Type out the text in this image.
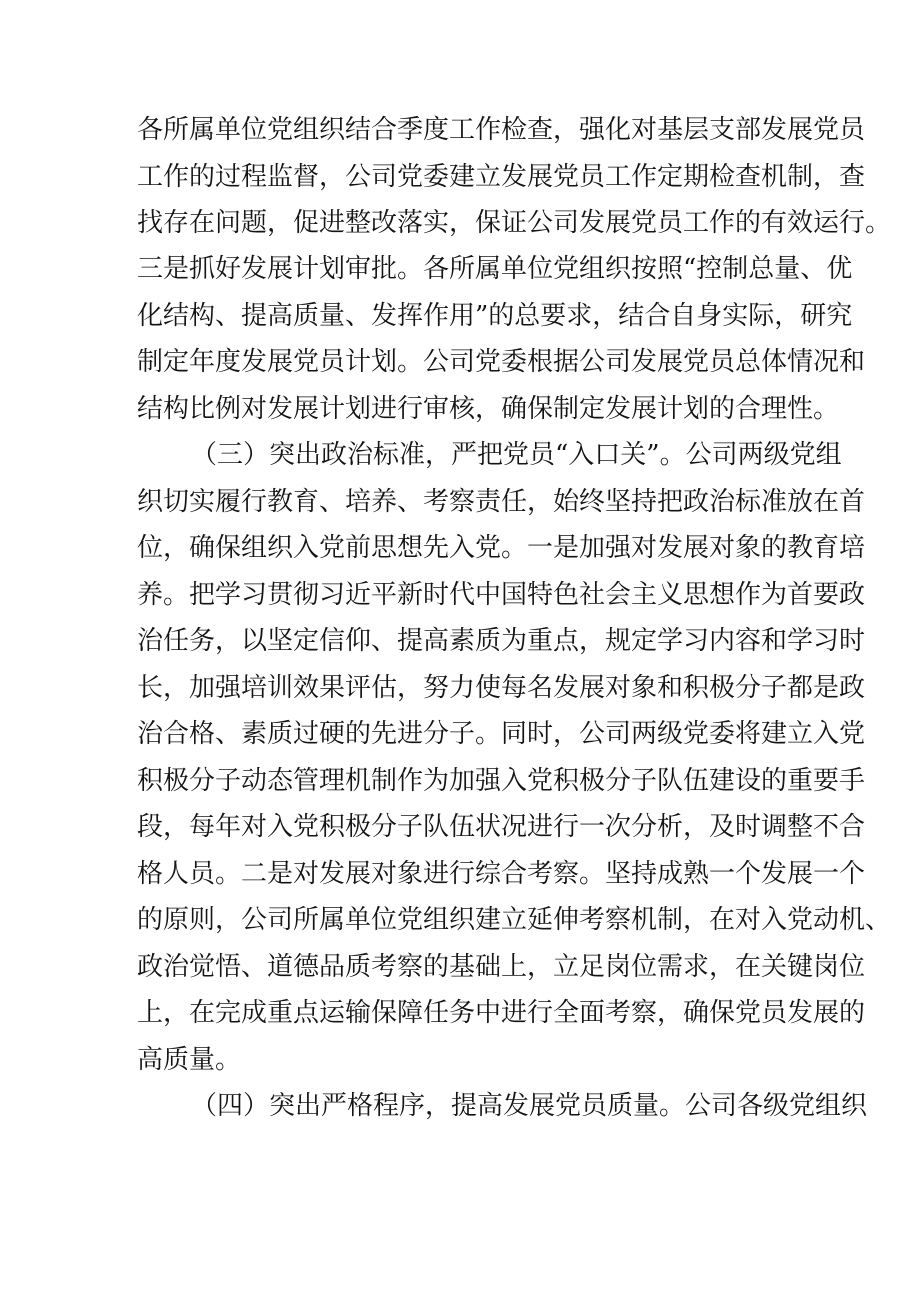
各所属单位党组织结合季度工作检查，强化对基层支部发展党员

工作的过程监督，公司党委建立发展党员工作定期检查机制，查

找存在问题，促进整改落实，保证公司发展党员工作的有效运行。

三是抓好发展计划审批。各所属单位党组织按照“控制总量、优

化结构、提高质量、发挥作用”的总要求，结合自身实际，研究

制定年度发展党员计划。公司党委根据公司发展党员总体情况和

结构比例对发展计划进行审核，确保制定发展计划的合理性。

（三）突出政治标准，严把党员“入口关”。公司两级党组

织切实履行教育、培养、考察责任，始终坚持把政治标准放在首

位，确保组织入党前思想先入党。一是加强对发展对象的教育培

养。把学习贯彻习近平新时代中国特色社会主义思想作为首要政

治任务，以坚定信仰、提高素质为重点，规定学习内容和学习时

长，加强培训效果评估，努力使每名发展对象和积极分子都是政

治合格、素质过硬的先进分子。同时，公司两级党委将建立入党

积极分子动态管理机制作为加强入党积极分子队伍建设的重要手

段，每年对入党积极分子队伍状况进行一次分析，及时调整不合

格人员。二是对发展对象进行综合考察。坚持成熟一个发展一个

的原则，公司所属单位党组织建立延伸考察机制，在对入党动机、

政治觉悟、道德品质考察的基础上，立足岗位需求，在关键岗位

上，在完成重点运输保障任务中进行全面考察，确保党员发展的

高质量。

（四）突出严格程序，提高发展党员质量。公司各级党组织
